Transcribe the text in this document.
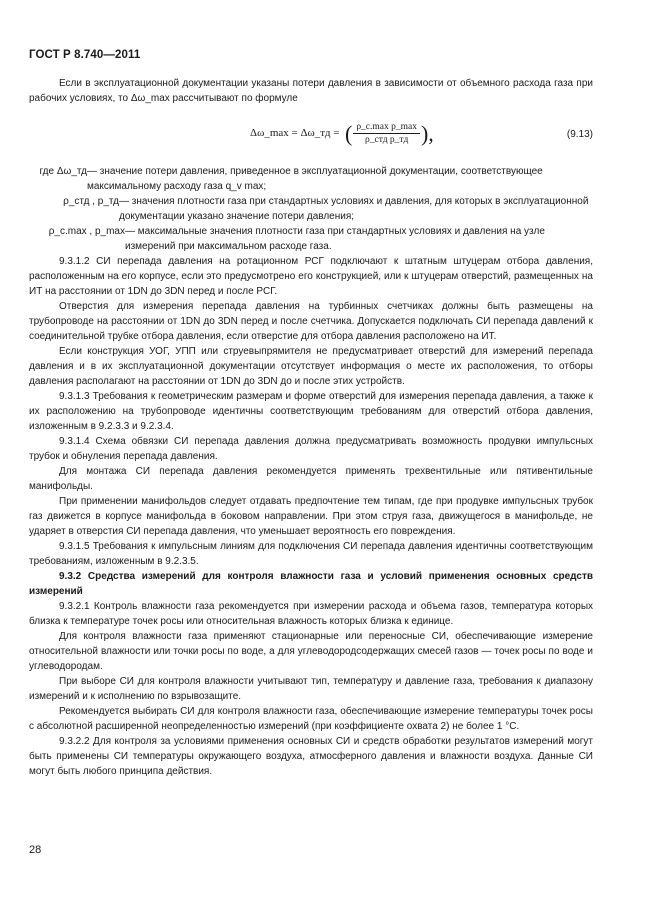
ГОСТ Р 8.740—2011

Если в эксплуатационной документации указаны потери давления в зависимости от объемного расхода газа при рабочих условиях, то Δω_max рассчитывают по формуле

Δω_max = Δω_тд = ( $\frac{\text{ρ\_с.max p\_max}}{\text{ρ\_стд p\_тд}}$ ),	(9.13)
где Δω_тд — значение потери давления, приведенное в эксплуатационной документации, соответствующее максимальному расходу газа q_v max;
ρ_стд , p_тд — значения плотности газа при стандартных условиях и давления, для которых в эксплуатационной документации указано значение потери давления;
ρ_с.max , p_max — максимальные значения плотности газа при стандартных условиях и давления на узле измерений при максимальном расходе газа.

9.3.1.2 СИ перепада давления на ротационном РСГ подключают к штатным штуцерам отбора давления, расположенным на его корпусе, если это предусмотрено его конструкцией, или к штуцерам отверстий, размещенных на ИТ на расстоянии от 1DN до 3DN перед и после РСГ.

Отверстия для измерения перепада давления на турбинных счетчиках должны быть размещены на трубопроводе на расстоянии от 1DN до 3DN перед и после счетчика. Допускается подключать СИ перепада давлений к соединительной трубке отбора давления, если отверстие для отбора давления расположено на ИТ.

Если конструкция УОГ, УПП или струевыпрямителя не предусматривает отверстий для измерений перепада давления и в их эксплуатационной документации отсутствует информация о месте их расположения, то отборы давления располагают на расстоянии от 1DN до 3DN до и после этих устройств.

9.3.1.3 Требования к геометрическим размерам и форме отверстий для измерения перепада давления, а также к их расположению на трубопроводе идентичны соответствующим требованиям для отверстий отбора давления, изложенным в 9.2.3.3 и 9.2.3.4.

9.3.1.4 Схема обвязки СИ перепада давления должна предусматривать возможность продувки импульсных трубок и обнуления перепада давления.

Для монтажа СИ перепада давления рекомендуется применять трехвентильные или пятивентильные манифольды.

При применении манифольдов следует отдавать предпочтение тем типам, где при продувке импульсных трубок газ движется в корпусе манифольда в боковом направлении. При этом струя газа, движущегося в манифольде, не ударяет в отверстия СИ перепада давления, что уменьшает вероятность его повреждения.

9.3.1.5 Требования к импульсным линиям для подключения СИ перепада давления идентичны соответствующим требованиям, изложенным в 9.2.3.5.

9.3.2 Средства измерений для контроля влажности газа и условий применения основных средств измерений

9.3.2.1 Контроль влажности газа рекомендуется при измерении расхода и объема газов, температура которых близка к температуре точек росы или относительная влажность которых близка к единице.

Для контроля влажности газа применяют стационарные или переносные СИ, обеспечивающие измерение относительной влажности или точки росы по воде, а для углеводородсодержащих смесей газов — точек росы по воде и углеводородам.

При выборе СИ для контроля влажности учитывают тип, температуру и давление газа, требования к диапазону измерений и к исполнению по взрывозащите.

Рекомендуется выбирать СИ для контроля влажности газа, обеспечивающие измерение температуры точек росы с абсолютной расширенной неопределенностью измерений (при коэффициенте охвата 2) не более 1 °С.

9.3.2.2 Для контроля за условиями применения основных СИ и средств обработки результатов измерений могут быть применены СИ температуры окружающего воздуха, атмосферного давления и влажности воздуха. Данные СИ могут быть любого принципа действия.

28
